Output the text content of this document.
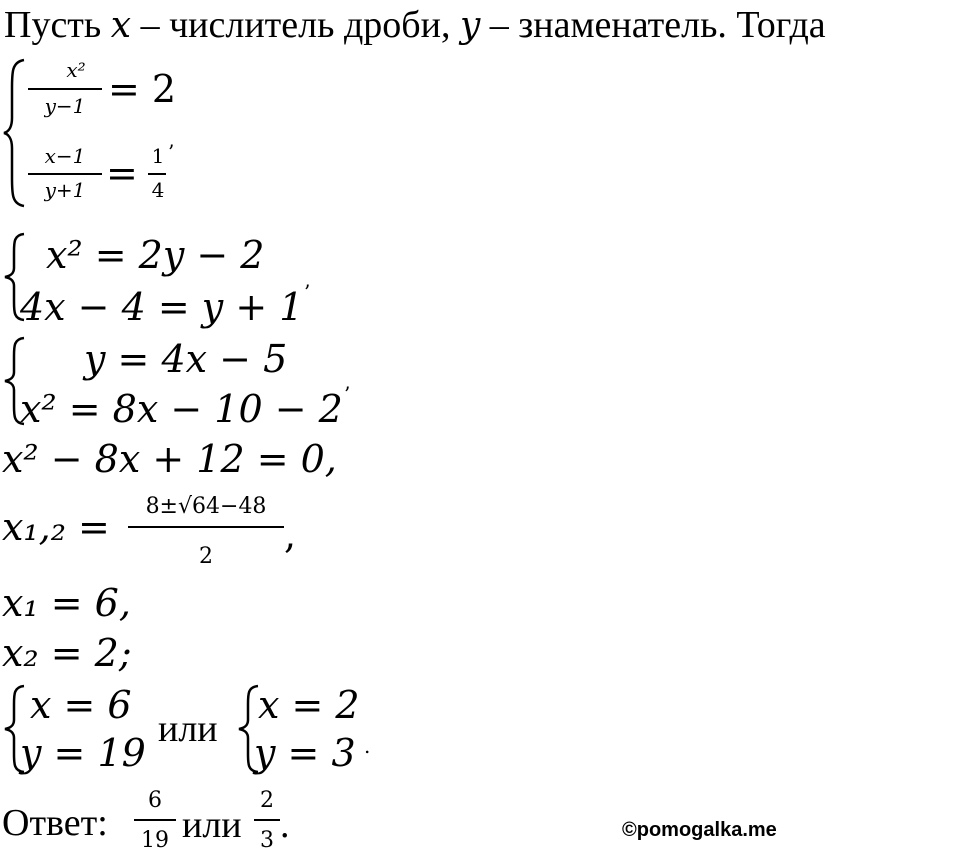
Пусть x – числитель дроби, y – знаменатель. Тогда
x²
y−1 = 2
x−1
y+1 = 1
4
’
x² = 2y − 2
4x − 4 = y + 1 ’
y = 4x − 5
x² = 8x − 10 − 2 ’
x² − 8x + 12 = 0,
x₁,₂ =	8±√64−48
2	,
x₁ = 6,
x₂ = 2;
x = 6
y = 19
или
x = 2
y = 3 .
Ответ:
6
19 или
2
3 .	©pomogalka.me
